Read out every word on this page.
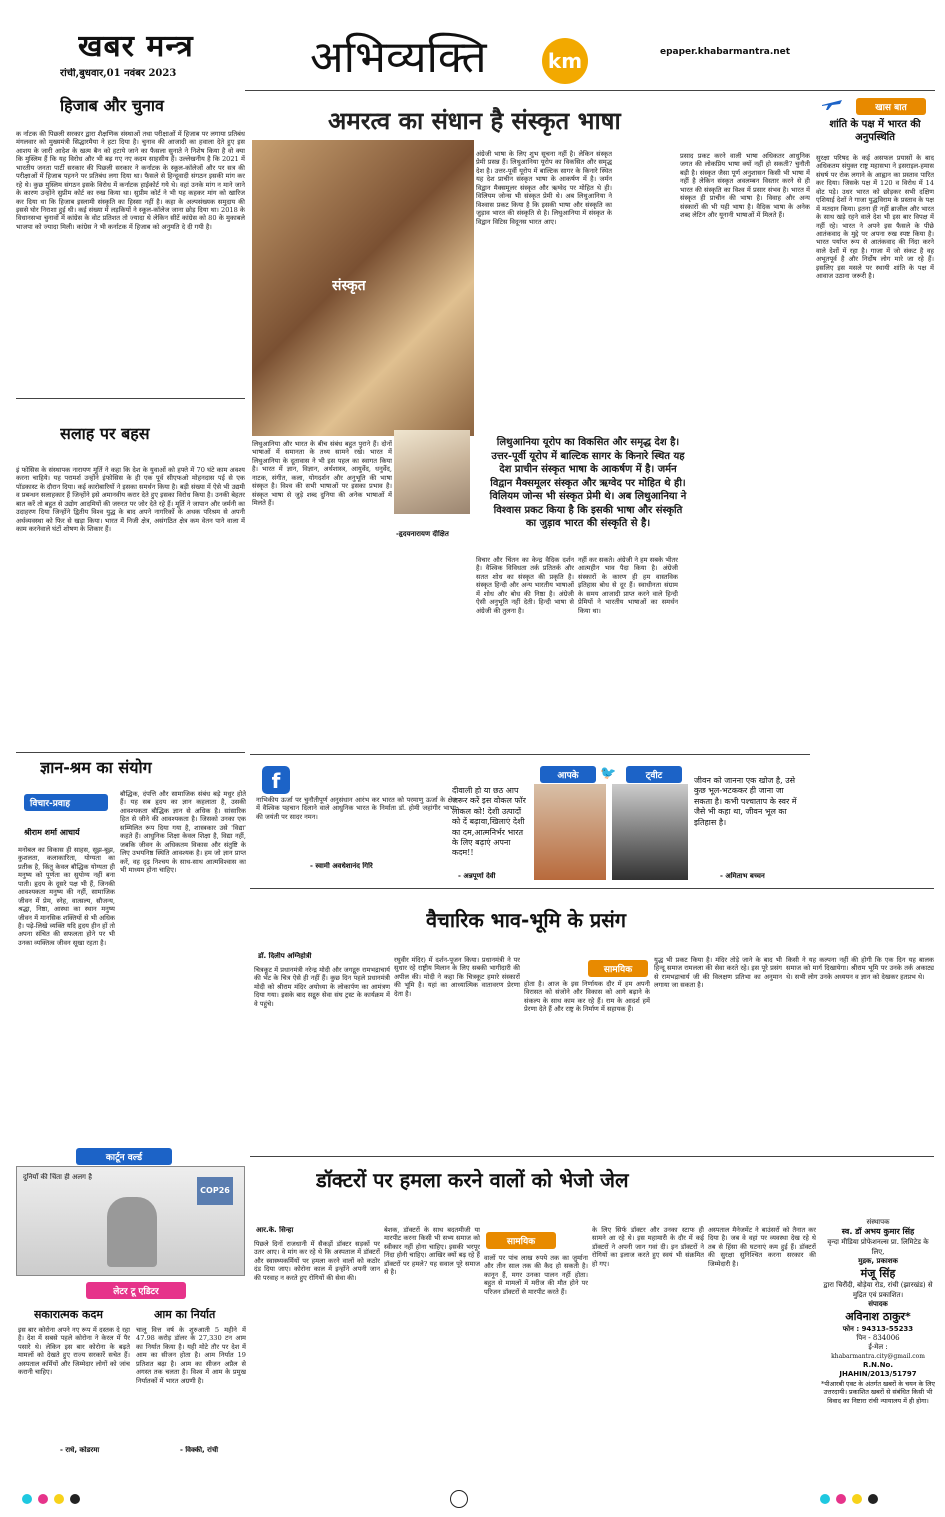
खबर मन्त्र
रांची,बुधवार,01 नवंबर 2023	अभिव्यक्ति	km	epaper.khabarmantra.net
हिजाब और चुनाव
क र्नाटक की पिछली सरकार द्वारा शैक्षणिक संस्थाओं तथा परीक्षाओं में हिजाब पर लगाया प्रतिबंध मंगलवार को मुख्यमंत्री सिद्धारमैया ने हटा दिया है। चुनाव की आजादी का हवाला देते हुए इस आशय के जारी आदेश के खत्म बैन को हटाये जाने का फैसला सुनाते ने निशेष किया है वो क्या कि मुस्लिम हैं कि यह विरोध और भी बढ़ गए नए कदम साहसीय हैं। उल्लेखनीय है कि 2021 में भारतीय जनता पार्टी सरकार की पिछली सरकार ने कर्नाटक के स्कूल-कॉलेजों और पर सत्र की परीक्षाओं में हिजाब पहनने पर प्रतिबंध लगा दिया था। फैसले से हिन्दूवादी संगठन इसकी मांग कर रहे थे। कुछ मुस्लिम संगठन इसके विरोध में कर्नाटक हाईकोर्ट गये थे। वहां उनके मांग न माने जाने के कारण उन्होंने सुप्रीम कोर्ट का रुख किया था। सुप्रीम कोर्ट ने भी यह कहकर मांग को खारिज कर दिया था कि हिजाब इस्लामी संस्कृति का हिस्सा नहीं है। कहा के अल्पसंख्यक समुदाय की इससे घोर निराशा हुई थी। कई संख्या में लड़कियों ने स्कूल-कॉलेज जाना छोड़ दिया था। 2018 के विधानसभा चुनावों में कांग्रेस के वोट प्रतिशत तो ज्यादा थे लेकिन सीटें कांग्रेस को 80 के मुकाबले भाजपा को ज्यादा मिली। कांग्रेस ने भी कर्नाटक में हिजाब को अनुमति दे दी गयी है।
सलाह पर बहस
इं फोसिस के संस्थापक नारायण मूर्ति ने कहा कि देश के युवाओं को हफ्ते में 70 घंटे काम अवश्य करना चाहिये। यह परामर्श उन्होंने इंफोसिस के ही एक पूर्व सीएफओ मोहनदास पई से एक पॉडकास्ट के दौरान दिया। कई कारोबारियों ने इसका समर्थन किया है। बड़ी संख्या में ऐसे भी उद्यमी व प्रबन्धन सलाहकार हैं जिन्होंने इसे अमानवीय करार देते हुए इसका विरोध किया है। उनकी बेहतर बात करें तो बहुत से उद्योग आदमियों की जरुरत पर जोर देते रहे हैं। मूर्ति ने जापान और जर्मनी का उदाहरण दिया जिन्होंने द्वितीय विश्व युद्ध के बाद अपने नागरिकों के अथक परिश्रम से अपनी अर्थव्यवस्था को फिर से खड़ा किया। भारत में निजी क्षेत्र, असंगठित क्षेत्र कम वेतन पाने वाला में काम करनेवाले घंटों शोषण के शिकार हैं।
ज्ञान-श्रम का संयोग
विचार-प्रवाह
श्रीराम शर्मा आचार्य
मनोबल का विकास ही साहस, सूझ-बूझ, कुशलता, कलाकारिता, योग्यता का प्रतीक है, किंतु केवल बौद्धिक योग्यता ही मनुष्य को पूर्णता का सुयोग्य नहीं बना पाती। हृदय के दूसरे पक्ष भी हैं, जिनकी आवश्यकता मनुष्य की नहीं, सामाजिक जीवन में प्रेम, स्नेह, वात्सल्य, सौजन्य, श्रद्धा, निष्ठा, आस्था का स्थान मनुष्य जीवन में मानसिक शक्तियों से भी अधिक है। पढ़े-लिखे व्यक्ति यदि हृदय हीन हों तो अपना संचित की सफलता होने पर भी उनका व्यक्तित्व जीवन सूखा रहता है।
बौद्धिक, दंपत्ति और सामाजिक संबंध बड़े मधुर होते हैं। यह सब हृदय का ज्ञान कहलाता है, उसकी आवश्यकता बौद्धिक ज्ञान से अधिक है। सांसारिक हित से जीने की आवश्यकता है। जिसको उनका एक सम्मिलित रूप दिया गया है, शास्त्रकार उसे 'विद्या' कहते हैं। आधुनिक शिक्षा केवल शिक्षा है, विद्या नहीं, जबकि जीवन के अधिकतम विकास और संतुष्टि के लिए उभयनिष्ठ स्थिति आवश्यक है। हम जो ज्ञान प्राप्त करें, वह दृढ़ निश्चय के साथ-साथ आत्मविश्वास का भी माध्यम होना चाहिए।
कार्टून वर्ल्ड
दुनियाँ की चिंता ही अलग है
COP26
लेटर टू एडिटर
सकारात्मक कदम
इस बार कोरोना अपने नए रूप में दस्तक दे रहा है। देश में सबसे पहले कोरोना ने केरल में पैर पसारे थे। लेकिन इस बार कोरोना के बढ़ते मामलों को देखते हुए राज्य सरकारें सचेत हैं। अस्पताल कर्मियों और जिम्मेदार लोगों को जांच करानी चाहिए।
- राधे, कोडरमा
आम का निर्यात
चालू वित्त वर्ष के शुरुआती 5 महीने में 47.98 करोड़ डॉलर के 27,330 टन आम का निर्यात किया है। यही मोटे तौर पर देश में आम का सीजन होता है। आम निर्यात 19 प्रतिशत बढ़ा है। आम का सीजन अप्रैल से अगस्त तक चलता है। विश्व में आम के प्रमुख निर्यातकों में भारत अग्रणी है।
- विक्की, रांची
खास बात
शांति के पक्ष में भारत की अनुपस्थिति
सुरक्षा परिषद के कई असफल प्रयासों के बाद अधिकतम संयुक्त राष्ट्र महासभा ने इसराइल-हमास संघर्ष पर रोक लगाने के आह्वान का प्रस्ताव पारित कर दिया। जिसके पक्ष में 120 व विरोध में 14 वोट पड़े। उधर भारत को छोड़कर सभी दक्षिण एशियाई देशों ने गाजा युद्धविराम के प्रस्ताव के पक्ष में मतदान किया। इतना ही नहीं ब्राजील और भारत के साथ खड़े रहने वाले देश भी इस बार विपक्ष में नहीं रहे। भारत ने अपने इस फैसले के पीछे आतंकवाद के मुद्दे पर अपना रुख स्पष्ट किया है। भारत पर्याप्त रूप से आतंकवाद की निंदा करने वाले देशों में रहा है। गाजा में जो संकट है वह अभूतपूर्व है और निर्दोष लोग मारे जा रहे हैं। इसलिए इस मसले पर स्थायी शांति के पक्ष में आवाज उठाना जरूरी है।
अमरत्व का संधान है संस्कृत भाषा
संस्कृत
-हृदयनारायण दीक्षित
अंग्रेजी भाषा के लिए शुभ सूचना नहीं है। लेकिन संस्कृत प्रेमी प्रसन्न हैं। लिथुआनिया यूरोप का विकसित और समृद्ध देश है। उत्तर-पूर्वी यूरोप में बाल्टिक सागर के किनारे स्थित यह देश प्राचीन संस्कृत भाषा के आकर्षण में है। जर्मन विद्वान मैक्समूलर संस्कृत और ऋग्वेद पर मोहित थे ही। विलियम जोन्स भी संस्कृत प्रेमी थे। अब लिथुआनिया ने विश्वास प्रकट किया है कि इसकी भाषा और संस्कृति का जुड़ाव भारत की संस्कृति से है। लिथुआनिया में संस्कृत के विद्वान विटिस विदूनस भारत आए।
लिथुआनिया और भारत के बीच संबंध बहुत पुराने हैं। दोनों भाषाओं में समानता के तथ्य सामने रखे। भारत में लिथुआनिया के दूतावास ने भी इस पहल का स्वागत किया है। भारत में ज्ञान, विज्ञान, अर्थशास्त्र, आयुर्वेद, धनुर्वेद, नाटक, संगीत, कला, योगदर्शन और अनुभूति की भाषा संस्कृत है। विश्व की सभी भाषाओं पर इसका प्रभाव है। संस्कृत भाषा से जुड़े शब्द दुनिया की अनेक भाषाओं में मिलते हैं।
लिथुआनिया यूरोप का विकसित और समृद्ध देश है। उत्तर-पूर्वी यूरोप में बाल्टिक सागर के किनारे स्थित यह देश प्राचीन संस्कृत भाषा के आकर्षण में है। जर्मन विद्वान मैक्समूलर संस्कृत और ऋग्वेद पर मोहित थे ही। विलियम जोन्स भी संस्कृत प्रेमी थे। अब लिथुआनिया ने विश्वास प्रकट किया है कि इसकी भाषा और संस्कृति का जुड़ाव भारत की संस्कृति से है।
विचार और चिंतन का केन्द्र वैदिक दर्शन है। वैश्विक विविधता तर्क प्रतितर्क और सतत शोध का संस्कृत की प्रकृति है। संस्कृत हिन्दी और अन्य भारतीय भाषाओं में शोध और बोध की निष्ठा है। अंग्रेजी ऐसी अनुभूति नहीं देती। हिन्दी भाषा से अंग्रेजी की तुलना है।
नहीं कर सकते। अंग्रेजी ने हम सबके भीतर आत्महीन भाव पैदा किया है। अंग्रेजी संस्कारों के कारण ही हम वास्तविक इतिहास बोध से दूर हैं। स्वाधीनता संग्राम के समय आजादी प्राप्त करने वाले हिन्दी प्रेमियों ने भारतीय भाषाओं का समर्थन किया था।
प्रसाद प्रकट करने वाली भाषा अधिकतर आधुनिक जगत की लोकप्रिय भाषा क्यों नहीं हो सकती? चुनौती बड़ी है। संस्कृत जैसा पूर्ण अनुशासन किसी भी भाषा में नहीं है लेकिन संस्कृत अवलम्बन विस्तार करने से ही भारत की संस्कृति का विश्व में प्रसार संभव है। भारत में संस्कृत ही प्राचीन की भाषा है। विवाह और अन्य संस्कारों की भी यही भाषा है। वैदिक भाषा के अनेक शब्द लेटिन और यूनानी भाषाओं में मिलते हैं।
f
नाभिकीय ऊर्जा पर चुनौतीपूर्ण अनुसंधान आरंभ कर भारत को परमाणु ऊर्जा के क्षेत्र में वैश्विक पहचान दिलाने वाले आधुनिक भारत के निर्माता डॉ. होमी जहांगीर भाभा की जयंती पर सादर नमन।
- स्वामी अवधेशानंद गिरि
आपके	🐦	ट्वीट
दीवाली हो या छठ आप जरूर करें इस वोकल फॉर लोकल को! देशी उत्पादों को दें बढ़ावा,खिलाएं देशी का दम,आत्मनिर्भर भारत के लिए बढ़ाएं अपना कदम!!
- अन्नपूर्णा देवी
जीवन को जानना एक खोज है, उसे कुछ भूल-भटककर ही जाना जा सकता है। कभी पश्चाताप के स्वर में जैसे भी कहा था, जीवन भूल का इतिहास है।
- अमिताभ बच्चन
वैचारिक भाव-भूमि के प्रसंग
डॉ. दिलीप अग्निहोत्री
सामयिक
चित्रकूट में प्रधानमंत्री नरेन्द्र मोदी और जगद्गुरु रामभद्राचार्य की भेंट के चित्र ऐसे ही नहीं हैं। कुछ दिन पहले प्रधानमंत्री मोदी को श्रीराम मंदिर अयोध्या के लोकार्पण का आमंत्रण दिया गया। इसके बाद सद्गुरु सेवा संघ ट्रस्ट के कार्यक्रम में वे पहुंचे।
रघुवीर मंदिर) में दर्शन-पूजन किया। प्रधानमंत्री ने पर सुधार रहे राष्ट्रीय मिलान के लिए सबकी भागीदारी की अपील की। मोदी ने कहा कि चित्रकूट हमारे संस्कारों की भूमि है। यहां का आध्यात्मिक वातावरण प्रेरणा देता है।
होता है। आज के इस निर्णायक दौर में हम अपनी विरासत को संजोने और विकास को आगे बढ़ाने के संकल्प के साथ काम कर रहे हैं। राम के आदर्श हमें प्रेरणा देते हैं और राष्ट्र के निर्माण में सहायक हैं।
युद्ध भी प्रकट किया है। मंदिर तोड़े जाने के बाद भी हिन्दू समाज रामलला की सेवा करते रहे। इस पूरे प्रसंग से रामभद्राचार्य जी की विलक्षण प्रतिभा का अनुमान लगाया जा सकता है।
किसी ने यह कल्पना नहीं की होगी कि एक दिन यह बालक समाज को मार्ग दिखायेगा। श्रीराम भूमि पर उनके तर्क अकाट्य थे। सभी लोग उनके अध्ययन व ज्ञान को देखकर हतप्रभ थे।
डॉक्टरों पर हमला करने वालों को भेजो जेल
आर.के. सिन्हा
सामयिक
पिछले दिनों राजधानी में सैकड़ों डॉक्टर सड़कों पर उतर आए। वे मांग कर रहे थे कि अस्पताल में डॉक्टरों और स्वास्थ्यकर्मियों पर हमला करने वालों को कठोर दंड दिया जाए। कोरोना काल में इन्होंने अपनी जान की परवाह न करते हुए रोगियों की सेवा की।
बेशक, डॉक्टरों के साथ बदतमीजी या मारपीट करना किसी भी सभ्य समाज को स्वीकार नहीं होना चाहिए। इसकी भरपूर निंदा होनी चाहिए। आखिर क्यों बढ़ रहे हैं डॉक्टरों पर हमले? यह सवाल पूरे समाज से है।
वालों पर पांच लाख रुपये तक का जुर्माना और तीन साल तक की कैद हो सकती है। कानून हैं, मगर उनका पालन नहीं होता। बहुत से मामलों में मरीज की मौत होने पर परिजन डॉक्टरों से मारपीट करते हैं।
के लिए सिर्फ डॉक्टर और उनका स्टाफ ही सामने आ रहे थे। इस महामारी के दौर में कई डॉक्टरों ने अपनी जान गवां दी। इन डॉक्टरों ने रोगियों का इलाज करते हुए स्वयं भी संक्रमित हो गए।
अस्पताल मैनेजमेंट ने बाउंसरों को तैनात कर दिया है। जब वे वहां पर व्यवस्था देख रहे थे तब से हिंसा की घटनाएं कम हुई हैं। डॉक्टरों की सुरक्षा सुनिश्चित करना सरकार की जिम्मेदारी है।
संस्थापक
स्व. डॉ अभय कुमार सिंह
वृन्दा मीडिया प्रोफेशनल्स प्रा. लिमिटेड के लिए,
मुद्रक, प्रकाशक
मंजू सिंह
द्वारा चिरौंदी, बोड़ेया रोड, रांची (झारखंड) से मुद्रित एवं प्रकाशित।
संपादक
अविनाश ठाकुर*
फोन : 94313-55233
पिन - 834006
ई-मेल :
khabarmantra.city@gmail.com
R.N.No.
JHAHIN/2013/51797
*पीआरबी एक्ट के अंतर्गत खबरों के चयन के लिए उत्तरदायी। प्रकाशित खबरों से संबंधित किसी भी विवाद का निष्टारा रांची न्यायालय में ही होगा।
